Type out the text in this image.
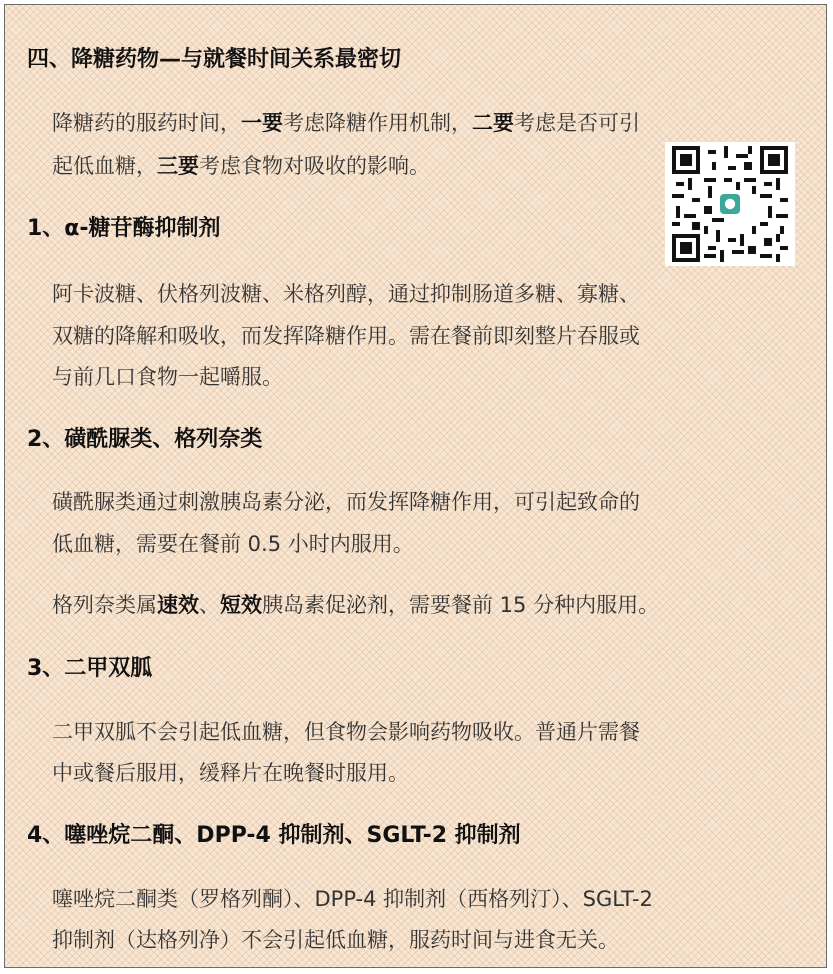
四、降糖药物—与就餐时间关系最密切
降糖药的服药时间，一要考虑降糖作用机制，二要考虑是否可引
起低血糖，三要考虑食物对吸收的影响。
1、α-糖苷酶抑制剂
阿卡波糖、伏格列波糖、米格列醇，通过抑制肠道多糖、寡糖、
双糖的降解和吸收，而发挥降糖作用。需在餐前即刻整片吞服或
与前几口食物一起嚼服。
2、磺酰脲类、格列奈类
磺酰脲类通过刺激胰岛素分泌，而发挥降糖作用，可引起致命的
低血糖，需要在餐前 0.5 小时内服用。
格列奈类属速效、短效胰岛素促泌剂，需要餐前 15 分种内服用。
3、二甲双胍
二甲双胍不会引起低血糖，但食物会影响药物吸收。普通片需餐
中或餐后服用，缓释片在晚餐时服用。
4、噻唑烷二酮、DPP-4 抑制剂、SGLT-2 抑制剂
噻唑烷二酮类（罗格列酮）、DPP-4 抑制剂（西格列汀）、SGLT-2
抑制剂（达格列净）不会引起低血糖，服药时间与进食无关。
